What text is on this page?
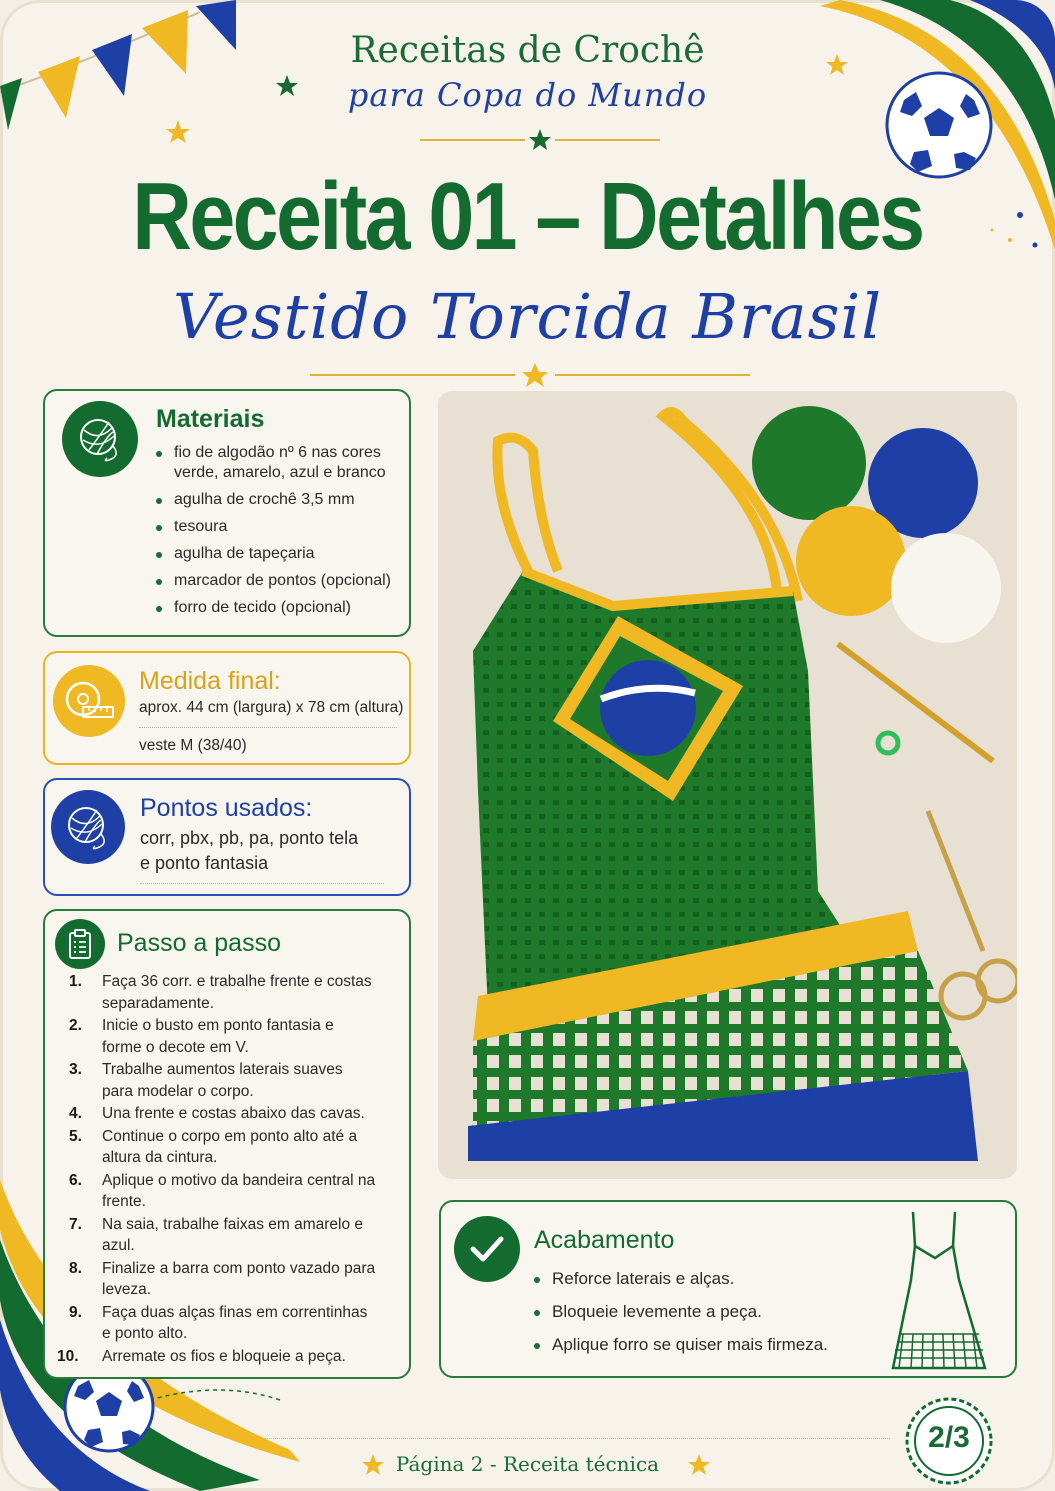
Receitas de Crochê
para Copa do Mundo
Receita 01 – Detalhes
Vestido Torcida Brasil
Materiais
fio de algodão nº 6 nas cores verde, amarelo, azul e branco
agulha de crochê 3,5 mm
tesoura
agulha de tapeçaria
marcador de pontos (opcional)
forro de tecido (opcional)
Medida final:
aprox. 44 cm (largura) x 78 cm (altura)
veste M (38/40)
Pontos usados:
corr, pbx, pb, pa, ponto tela
e ponto fantasia
Passo a passo
1. Faça 36 corr. e trabalhe frente e costas separadamente.
2. Inicie o busto em ponto fantasia e forme o decote em V.
3. Trabalhe aumentos laterais suaves para modelar o corpo.
4. Una frente e costas abaixo das cavas.
5. Continue o corpo em ponto alto até a altura da cintura.
6. Aplique o motivo da bandeira central na frente.
7. Na saia, trabalhe faixas em amarelo e azul.
8. Finalize a barra com ponto vazado para leveza.
9. Faça duas alças finas em correntinhas e ponto alto.
10. Arremate os fios e bloqueie a peça.
Acabamento
Reforce laterais e alças.
Bloqueie levemente a peça.
Aplique forro se quiser mais firmeza.
Página 2 - Receita técnica
2/3
